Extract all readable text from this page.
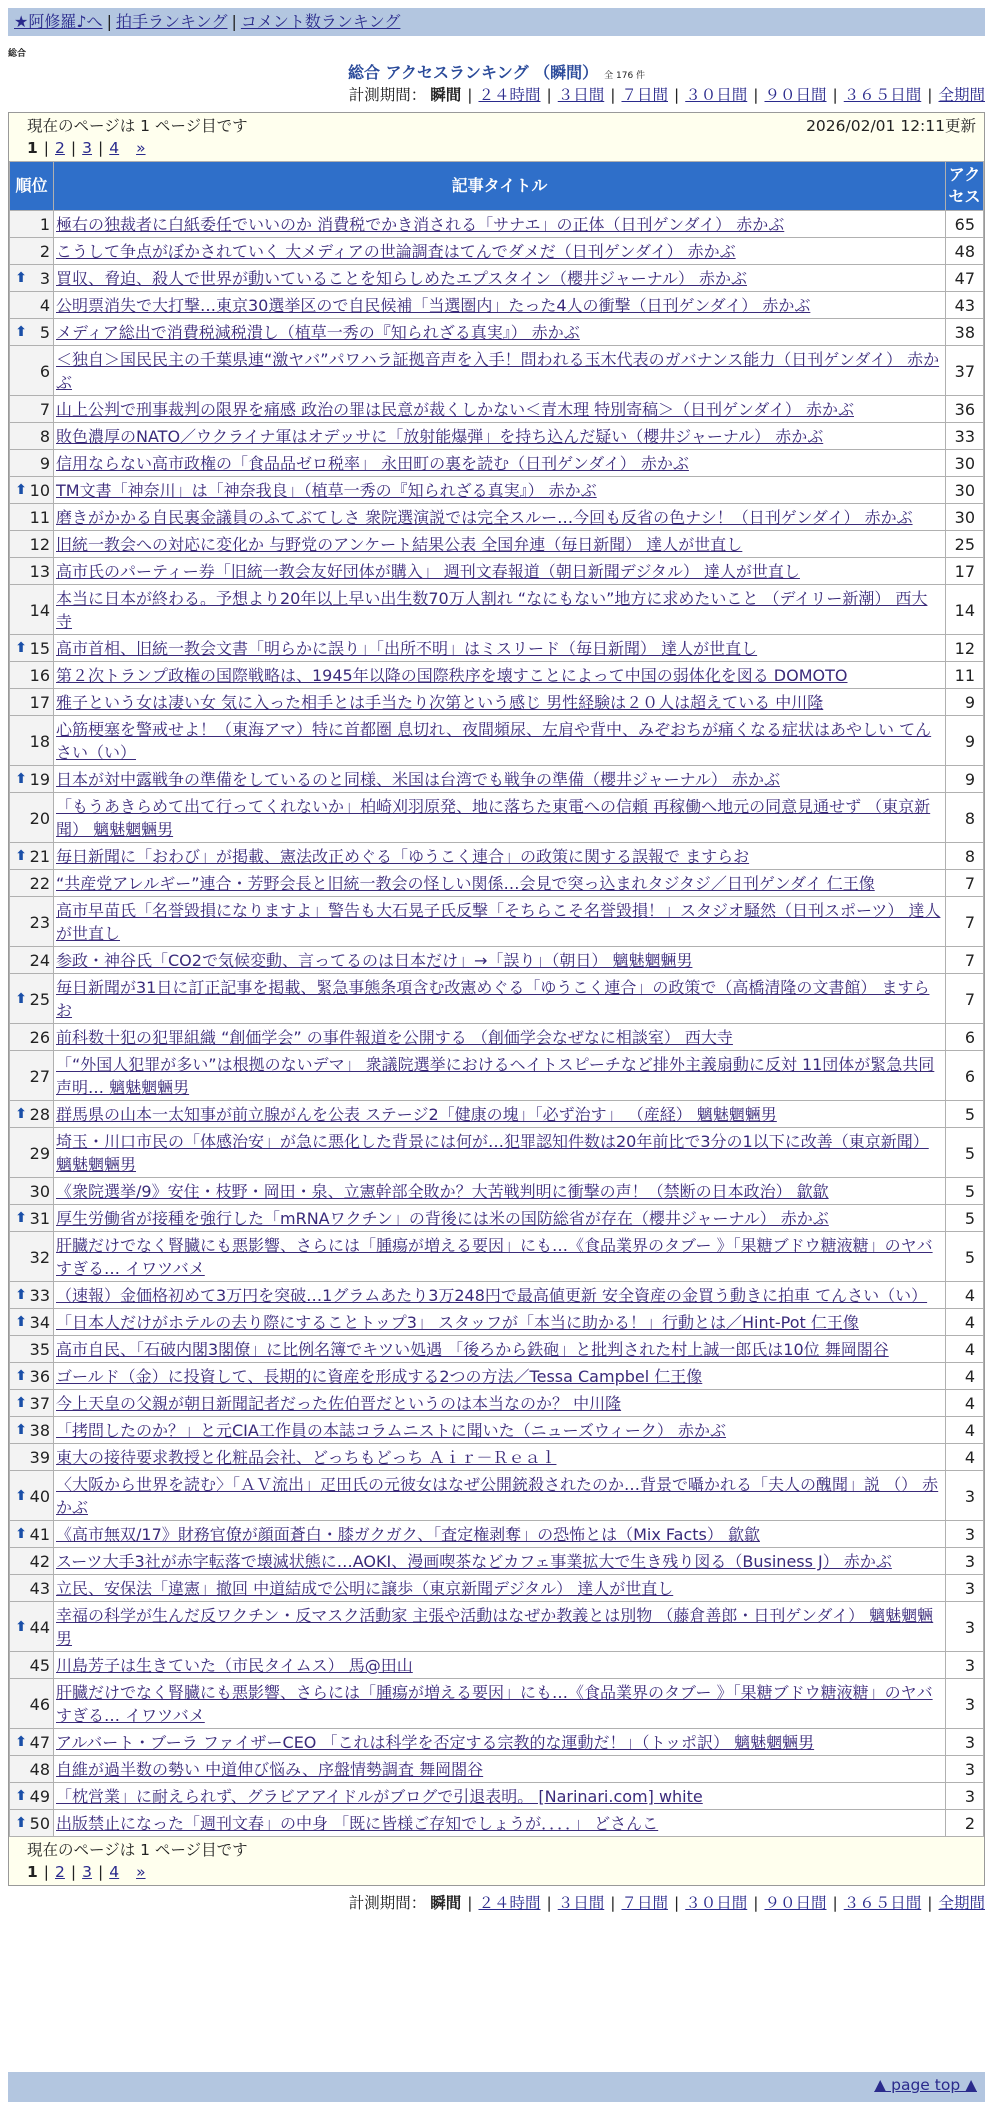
★阿修羅♪へ | 拍手ランキング | コメント数ランキング
総合
総合 アクセスランキング （瞬間） 全 176 件
計測期間： 瞬間 | ２４時間 | ３日間 | ７日間 | ３０日間 | ９０日間 | ３６５日間 | 全期間
現在のページは 1 ページ目です	2026/02/01 12:11更新
1 | 2 | 3 | 4 »
順位	記事タイトル	アクセス
1	極右の独裁者に白紙委任でいいのか 消費税でかき消される「サナエ」の正体（日刊ゲンダイ） 赤かぶ	65
2	こうして争点がぼかされていく 大メディアの世論調査はてんでダメだ（日刊ゲンダイ） 赤かぶ	48

⬆ 3	買収、脅迫、殺人で世界が動いていることを知らしめたエプスタイン（櫻井ジャーナル） 赤かぶ	47
4	公明票消失で大打撃…東京30選挙区ので自民候補「当選圏内」たった4人の衝撃（日刊ゲンダイ） 赤かぶ	43

⬆ 5	メディア総出で消費税減税潰し（植草一秀の『知られざる真実』） 赤かぶ	38
6	＜独自＞国民民主の千葉県連“激ヤバ”パワハラ証拠音声を入手！問われる玉木代表のガバナンス能力（日刊ゲンダイ） 赤かぶ	37
7	山上公判で刑事裁判の限界を痛感 政治の罪は民意が裁くしかない＜青木理 特別寄稿＞（日刊ゲンダイ） 赤かぶ	36
8	敗色濃厚のNATO／ウクライナ軍はオデッサに「放射能爆弾」を持ち込んだ疑い（櫻井ジャーナル） 赤かぶ	33
9	信用ならない高市政権の「食品品ゼロ税率」 永田町の裏を読む（日刊ゲンダイ） 赤かぶ	30

⬆ 10	TM文書「神奈川」は「神奈我良」（植草一秀の『知られざる真実』） 赤かぶ	30
11	磨きがかかる自民裏金議員のふてぶてしさ 衆院選演説では完全スルー…今回も反省の色ナシ！（日刊ゲンダイ） 赤かぶ	30
12	旧統一教会への対応に変化か 与野党のアンケート結果公表 全国弁連（毎日新聞） 達人が世直し	25
13	高市氏のパーティー券「旧統一教会友好団体が購入」 週刊文春報道（朝日新聞デジタル） 達人が世直し	17
14	本当に日本が終わる。予想より20年以上早い出生数70万人割れ “なにもない”地方に求めたいこと （デイリー新潮） 西大寺	14

⬆ 15	高市首相、旧統一教会文書「明らかに誤り」「出所不明」はミスリード（毎日新聞） 達人が世直し	12
16	第２次トランプ政権の国際戦略は、1945年以降の国際秩序を壊すことによって中国の弱体化を図る DOMOTO	11
17	雅子という女は凄い女 気に入った相手とは手当たり次第という感じ 男性経験は２０人は超えている 中川隆	9
18	心筋梗塞を警戒せよ！（東海アマ）特に首都圏 息切れ、夜間頻尿、左肩や背中、みぞおちが痛くなる症状はあやしい てんさい（い）	9

⬆ 19	日本が対中露戦争の準備をしているのと同様、米国は台湾でも戦争の準備（櫻井ジャーナル） 赤かぶ	9
20	「もうあきらめて出て行ってくれないか」柏崎刈羽原発、地に落ちた東電への信頼 再稼働へ地元の同意見通せず （東京新聞） 魑魅魍魎男	8

⬆ 21	毎日新聞に「おわび」が掲載、憲法改正めぐる「ゆうこく連合」の政策に関する誤報で ますらお	8
22	“共産党アレルギー”連合・芳野会長と旧統一教会の怪しい関係…会見で突っ込まれタジタジ／日刊ゲンダイ 仁王像	7
23	高市早苗氏「名誉毀損になりますよ」警告も大石晃子氏反撃「そちらこそ名誉毀損！」スタジオ騒然（日刊スポーツ） 達人が世直し	7
24	参政・神谷氏「CO2で気候変動、言ってるのは日本だけ」→「誤り」（朝日） 魑魅魍魎男	7

⬆ 25	毎日新聞が31日に訂正記事を掲載、緊急事態条項含む改憲めぐる「ゆうこく連合」の政策で（高橋清隆の文書館） ますらお	7
26	前科数十犯の犯罪組織 “創価学会” の事件報道を公開する （創価学会なぜなに相談室） 西大寺	6
27	「“外国人犯罪が多い”は根拠のないデマ」 衆議院選挙におけるヘイトスピーチなど排外主義扇動に反対 11団体が緊急共同声明… 魑魅魍魎男	6

⬆ 28	群馬県の山本一太知事が前立腺がんを公表 ステージ2「健康の塊」「必ず治す」 （産経） 魑魅魍魎男	5
29	埼玉・川口市民の「体感治安」が急に悪化した背景には何が…犯罪認知件数は20年前比で3分の1以下に改善（東京新聞） 魑魅魍魎男	5
30	《衆院選挙/9》安住・枝野・岡田・泉、立憲幹部全敗か？大苦戦判明に衝撃の声！（禁断の日本政治） 歙歙	5

⬆ 31	厚生労働省が接種を強行した「mRNAワクチン」の背後には米の国防総省が存在（櫻井ジャーナル） 赤かぶ	5
32	肝臓だけでなく腎臓にも悪影響、さらには「腫瘍が増える要因」にも…《食品業界のタブー 》「果糖ブドウ糖液糖」のヤバすぎる… イワツバメ	5

⬆ 33	（速報）金価格初めて3万円を突破…1グラムあたり3万248円で最高値更新 安全資産の金買う動きに拍車 てんさい（い）	4

⬆ 34	「日本人だけがホテルの去り際にすることトップ3」 スタッフが「本当に助かる！」行動とは／Hint-Pot 仁王像	4
35	高市自民、「石破内閣3閣僚」に比例名簿でキツい処遇 「後ろから鉄砲」と批判された村上誠一郎氏は10位 舞岡閤谷	4

⬆ 36	ゴールド（金）に投資して、長期的に資産を形成する2つの方法／Tessa Campbel 仁王像	4

⬆ 37	今上天皇の父親が朝日新聞記者だった佐伯晋だというのは本当なのか？ 中川隆	4

⬆ 38	「拷問したのか？」と元CIA工作員の本誌コラムニストに聞いた（ニューズウィーク） 赤かぶ	4
39	東大の接待要求教授と化粧品会社、どっちもどっち Ａｉｒ－Ｒｅａｌ	4

⬆ 40	〈大阪から世界を読む〉「ＡＶ流出」疋田氏の元彼女はなぜ公開銃殺されたのか…背景で囁かれる「夫人の醜聞」説 （） 赤かぶ	3

⬆ 41	《高市無双/17》財務官僚が顔面蒼白・膝ガクガク、「査定権剥奪」の恐怖とは（Mix Facts） 歙歙	3
42	スーツ大手3社が赤字転落で壊滅状態に…AOKI、漫画喫茶などカフェ事業拡大で生き残り図る（Business J） 赤かぶ	3
43	立民、安保法「違憲」撤回 中道結成で公明に譲歩（東京新聞デジタル） 達人が世直し	3

⬆ 44	幸福の科学が生んだ反ワクチン・反マスク活動家 主張や活動はなぜか教義とは別物 （藤倉善郎・日刊ゲンダイ） 魑魅魍魎男	3
45	川島芳子は生きていた（市民タイムス） 馬@田山	3
46	肝臓だけでなく腎臓にも悪影響、さらには「腫瘍が増える要因」にも…《食品業界のタブー 》「果糖ブドウ糖液糖」のヤバすぎる… イワツバメ	3

⬆ 47	アルバート・ブーラ ファイザーCEO 「これは科学を否定する宗教的な運動だ！」（トッポ訳） 魑魅魍魎男	3
48	自維が過半数の勢い 中道伸び悩み、序盤情勢調査 舞岡閤谷	3

⬆ 49	「枕営業」に耐えられず、グラビアアイドルがブログで引退表明。 [Narinari.com] white	3

⬆ 50	出版禁止になった「週刊文春」の中身 「既に皆様ご存知でしょうが．．．．」 どさんこ	2
現在のページは 1 ページ目です
1 | 2 | 3 | 4 »
計測期間： 瞬間 | ２４時間 | ３日間 | ７日間 | ３０日間 | ９０日間 | ３６５日間 | 全期間
▲ page top ▲
